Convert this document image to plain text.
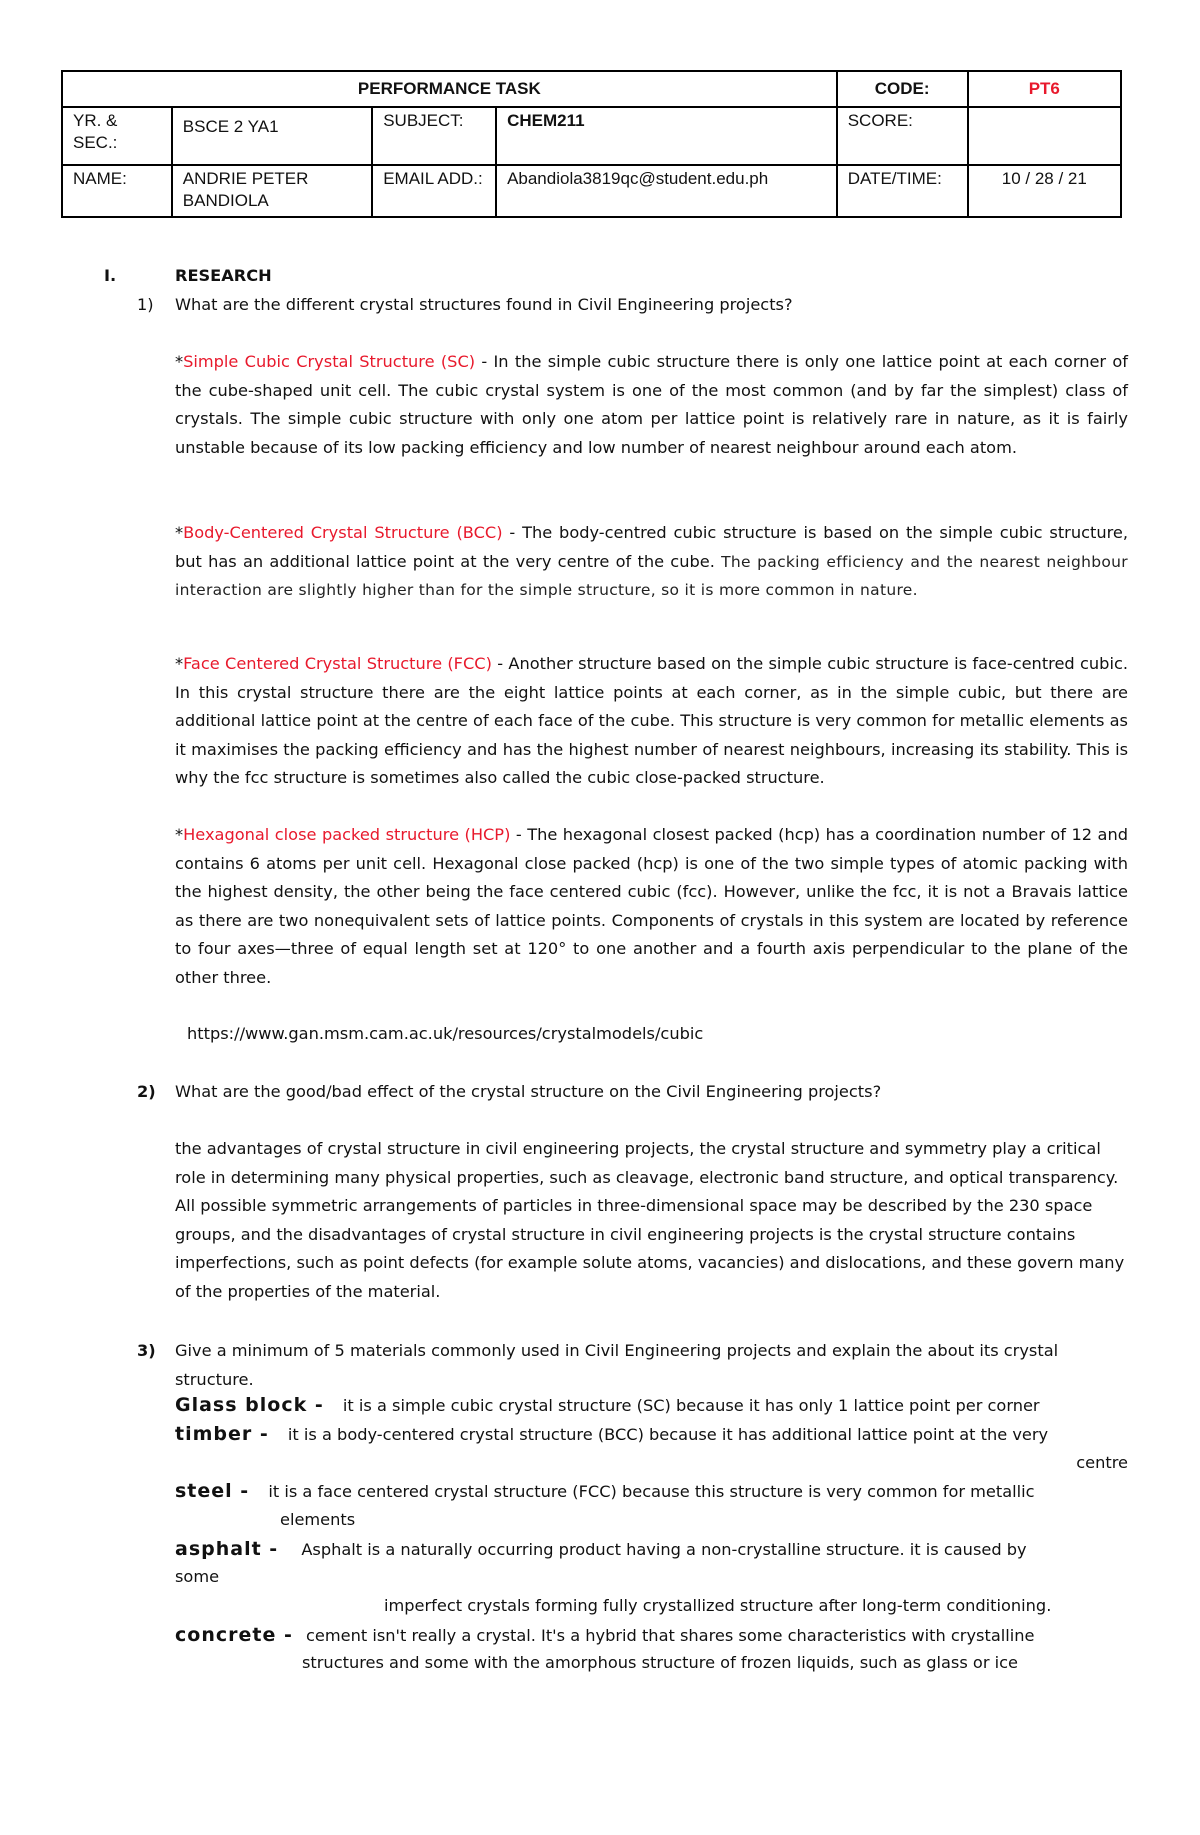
PERFORMANCE TASK				CODE:	PT6
YR. & SEC.:	BSCE 2 YA1	SUBJECT:	CHEM211	SCORE:	
NAME:	ANDRIE PETER BANDIOLA	EMAIL ADD.:	Abandiola3819qc@student.edu.ph	DATE/TIME:	10 / 28 / 21
I.	RESEARCH
1) What are the different crystal structures found in Civil Engineering projects?

*Simple Cubic Crystal Structure (SC) - In the simple cubic structure there is only one lattice point at each corner of the cube-shaped unit cell. The cubic crystal system is one of the most common (and by far the simplest) class of crystals. The simple cubic structure with only one atom per lattice point is relatively rare in nature, as it is fairly unstable because of its low packing efficiency and low number of nearest neighbour around each atom.

*Body-Centered Crystal Structure (BCC) - The body-centred cubic structure is based on the simple cubic structure, but has an additional lattice point at the very centre of the cube. The packing efficiency and the nearest neighbour interaction are slightly higher than for the simple structure, so it is more common in nature.

*Face Centered Crystal Structure (FCC) - Another structure based on the simple cubic structure is face-centred cubic. In this crystal structure there are the eight lattice points at each corner, as in the simple cubic, but there are additional lattice point at the centre of each face of the cube. This structure is very common for metallic elements as it maximises the packing efficiency and has the highest number of nearest neighbours, increasing its stability. This is why the fcc structure is sometimes also called the cubic close-packed structure.

*Hexagonal close packed structure (HCP) - The hexagonal closest packed (hcp) has a coordination number of 12 and contains 6 atoms per unit cell. Hexagonal close packed (hcp) is one of the two simple types of atomic packing with the highest density, the other being the face centered cubic (fcc). However, unlike the fcc, it is not a Bravais lattice as there are two nonequivalent sets of lattice points. Components of crystals in this system are located by reference to four axes—three of equal length set at 120° to one another and a fourth axis perpendicular to the plane of the other three.

https://www.gan.msm.cam.ac.uk/resources/crystalmodels/cubic
2) What are the good/bad effect of the crystal structure on the Civil Engineering projects?
the advantages of crystal structure in civil engineering projects, the crystal structure and symmetry play a critical role in determining many physical properties, such as cleavage, electronic band structure, and optical transparency. All possible symmetric arrangements of particles in three-dimensional space may be described by the 230 space groups, and the disadvantages of crystal structure in civil engineering projects is the crystal structure contains imperfections, such as point defects (for example solute atoms, vacancies) and dislocations, and these govern many of the properties of the material.
3) Give a minimum of 5 materials commonly used in Civil Engineering projects and explain the about its crystal structure.
Glass block - it is a simple cubic crystal structure (SC) because it has only 1 lattice point per corner
timber - it is a body-centered crystal structure (BCC) because it has additional lattice point at the very
centre
steel - it is a face centered crystal structure (FCC) because this structure is very common for metallic
elements
asphalt - Asphalt is a naturally occurring product having a non-crystalline structure. it is caused by
some
imperfect crystals forming fully crystallized structure after long-term conditioning.
concrete - cement isn't really a crystal. It's a hybrid that shares some characteristics with crystalline
structures and some with the amorphous structure of frozen liquids, such as glass or ice
